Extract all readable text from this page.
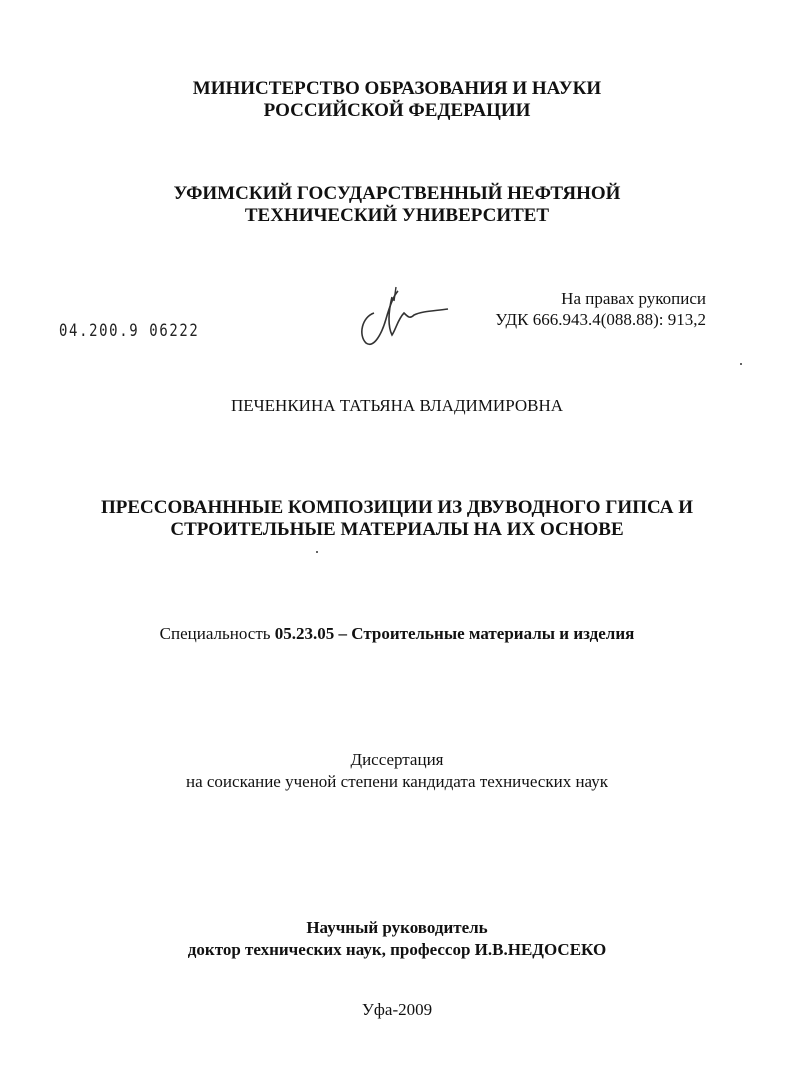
МИНИСТЕРСТВО ОБРАЗОВАНИЯ И НАУКИ
РОССИЙСКОЙ ФЕДЕРАЦИИ
УФИМСКИЙ ГОСУДАРСТВЕННЫЙ НЕФТЯНОЙ
ТЕХНИЧЕСКИЙ УНИВЕРСИТЕТ
04.200.9 06222
На правах рукописи
УДК 666.943.4(088.88): 913,2
ПЕЧЕНКИНА ТАТЬЯНА ВЛАДИМИРОВНА
ПРЕССОВАНННЫЕ КОМПОЗИЦИИ ИЗ ДВУВОДНОГО ГИПСА И
СТРОИТЕЛЬНЫЕ МАТЕРИАЛЫ НА ИХ ОСНОВЕ
Специальность 05.23.05 – Строительные материалы и изделия
Диссертация
на соискание ученой степени кандидата технических наук
Научный руководитель
доктор технических наук, профессор И.В.НЕДОСЕКО
Уфа-2009
